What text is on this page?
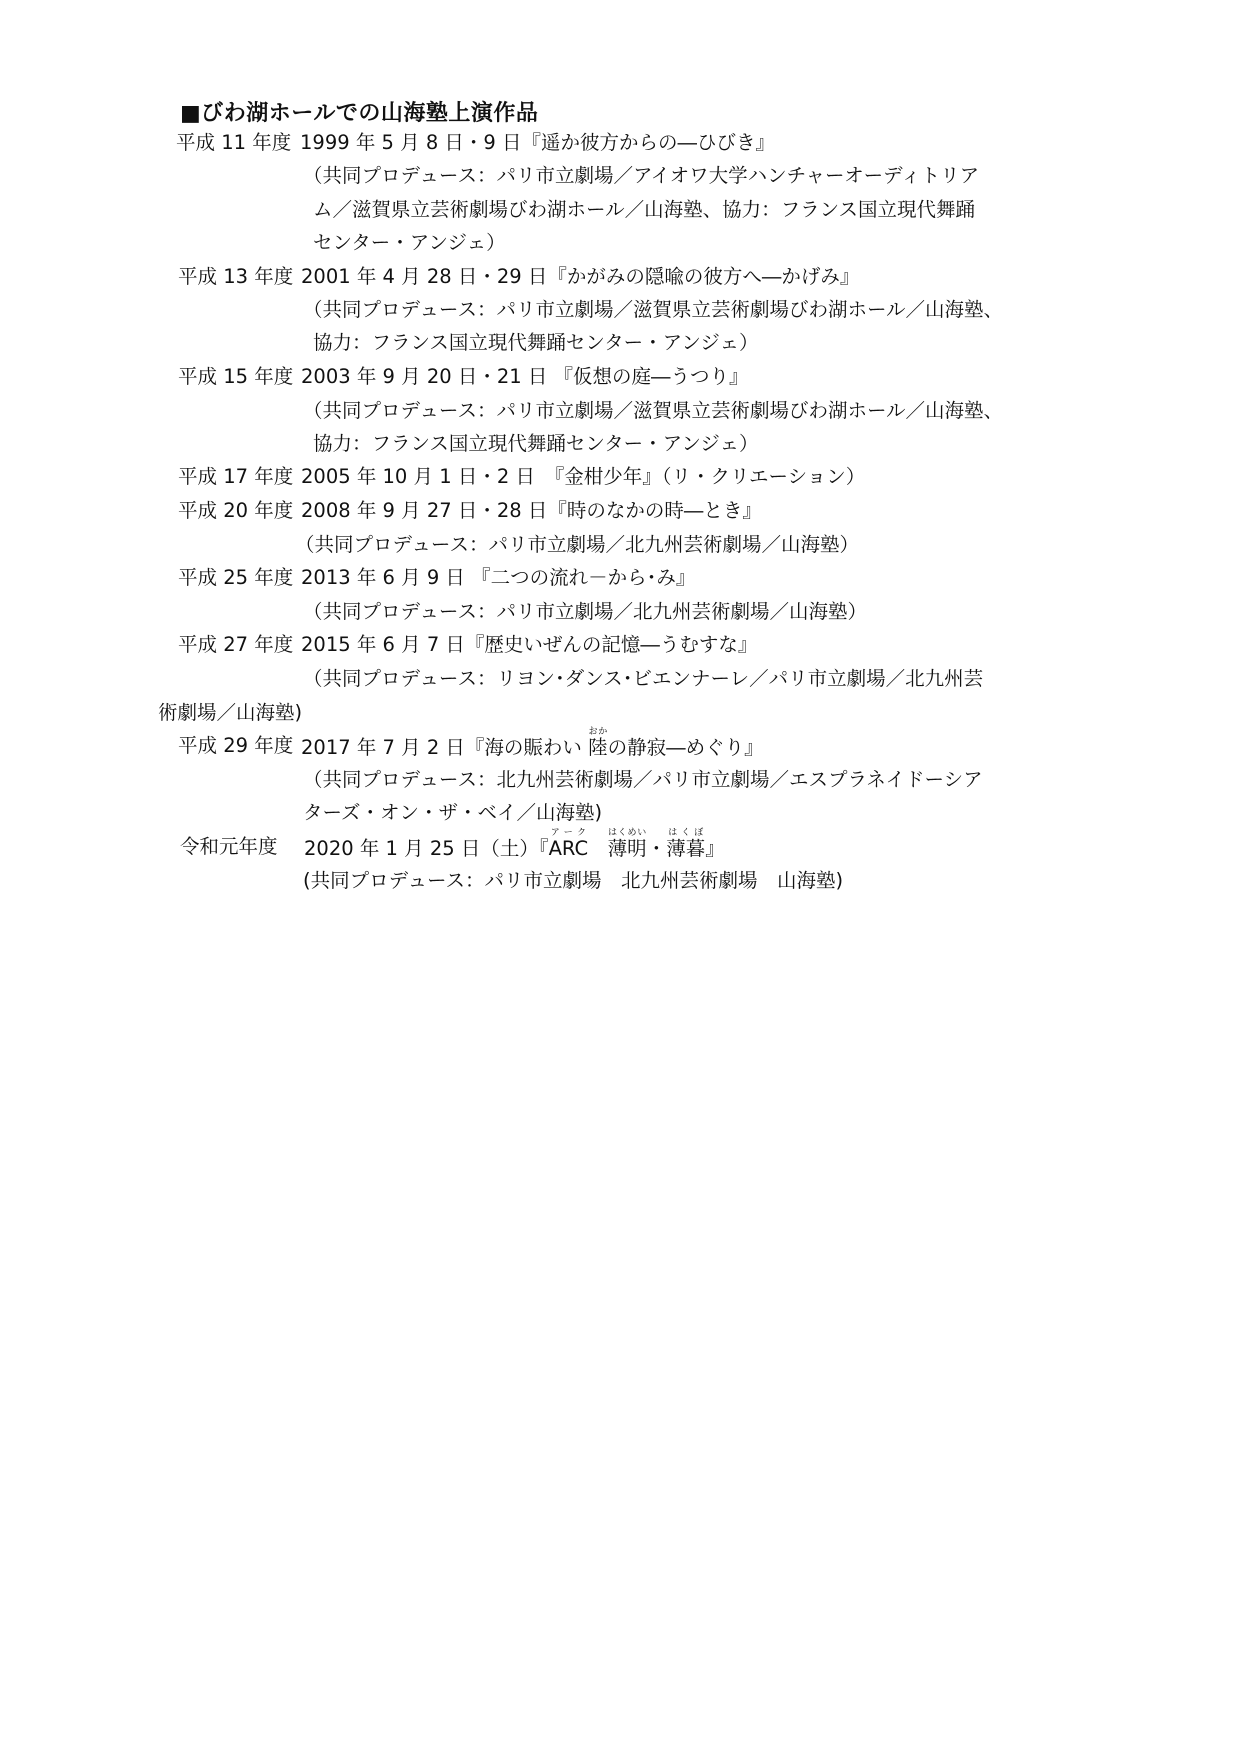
■びわ湖ホールでの山海塾上演作品
平成 11 年度 1999 年 5 月 8 日・9 日『遥か彼方からの―ひびき』
（共同プロデュース：パリ市立劇場／アイオワ大学ハンチャーオーディトリア
ム／滋賀県立芸術劇場びわ湖ホール／山海塾、協力：フランス国立現代舞踊
センター・アンジェ）
平成 13 年度 2001 年 4 月 28 日・29 日『かがみの隠喩の彼方へ―かげみ』
（共同プロデュース：パリ市立劇場／滋賀県立芸術劇場びわ湖ホール／山海塾、
協力：フランス国立現代舞踊センター・アンジェ）
平成 15 年度 2003 年 9 月 20 日・21 日 『仮想の庭―うつり』
（共同プロデュース：パリ市立劇場／滋賀県立芸術劇場びわ湖ホール／山海塾、
協力：フランス国立現代舞踊センター・アンジェ）
平成 17 年度 2005 年 10 月 1 日・2 日　『金柑少年』（リ・クリエーション）
平成 20 年度 2008 年 9 月 27 日・28 日『時のなかの時―とき』
（共同プロデュース：パリ市立劇場／北九州芸術劇場／山海塾）
平成 25 年度 2013 年 6 月 9 日 『二つの流れ－から･み』
（共同プロデュース：パリ市立劇場／北九州芸術劇場／山海塾）
平成 27 年度 2015 年 6 月 7 日『歴史いぜんの記憶―うむすな』
（共同プロデュース：リヨン･ダンス･ビエンナーレ／パリ市立劇場／北九州芸
術劇場／山海塾)
平成 29 年度 2017 年 7 月 2 日『海の賑わい 陸おかの静寂―めぐり』
（共同プロデュース：北九州芸術劇場／パリ市立劇場／エスプラネイドーシア
ターズ・オン・ザ・ベイ／山海塾)
令和元年度 2020 年 1 月 25 日（土）『ARCアーク　薄明はくめい・薄暮はくぼ』
(共同プロデュース：パリ市立劇場　北九州芸術劇場　山海塾)
